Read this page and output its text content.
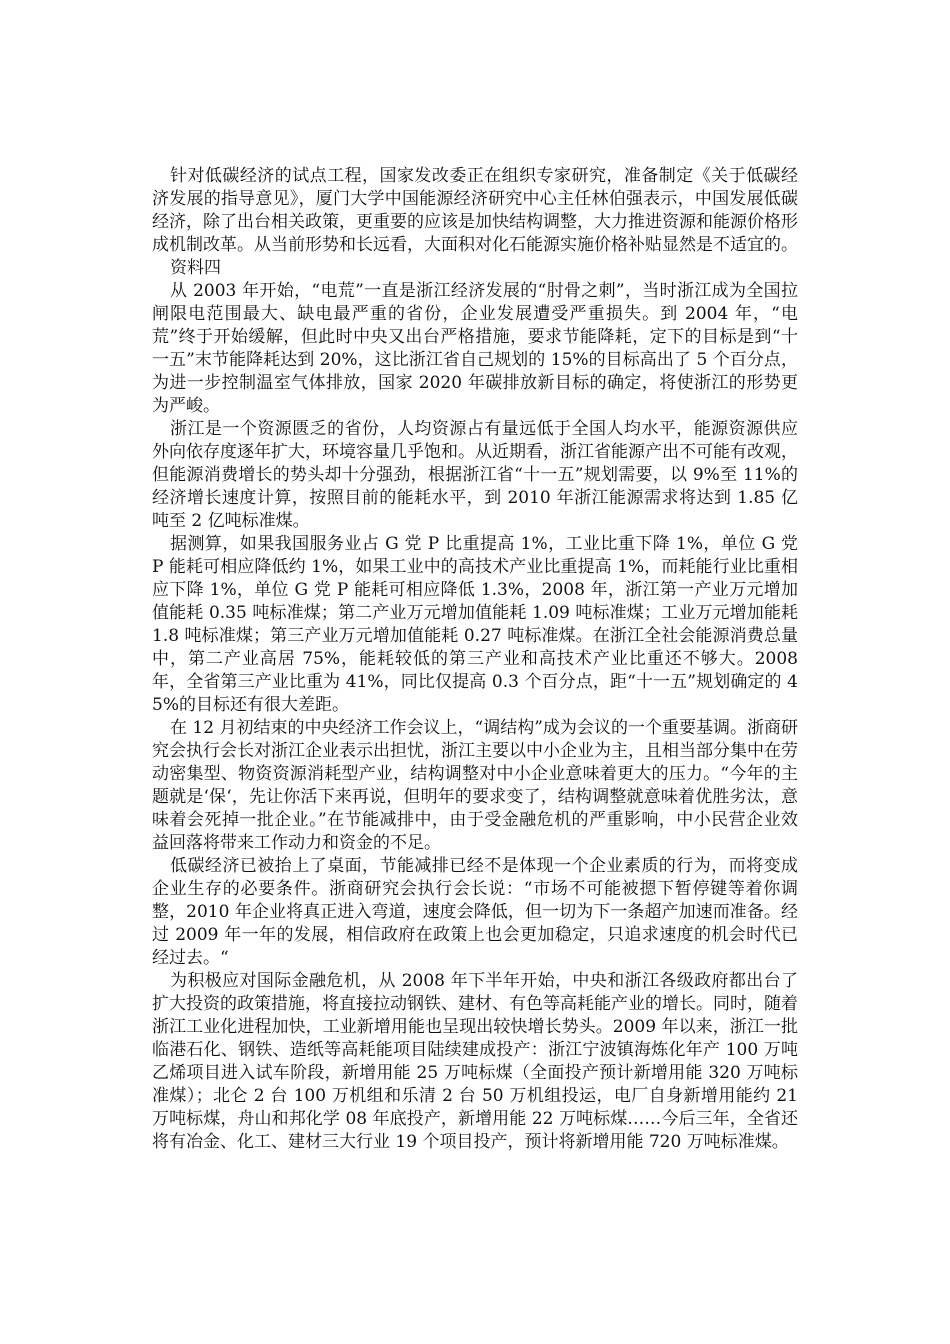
针对低碳经济的试点工程，国家发改委正在组织专家研究，准备制定《关于低碳经济发展的指导意见》，厦门大学中国能源经济研究中心主任林伯强表示，中国发展低碳经济，除了出台相关政策，更重要的应该是加快结构调整，大力推进资源和能源价格形成机制改革。从当前形势和长远看，大面积对化石能源实施价格补贴显然是不适宜的。

资料四

从 2003 年开始，“电荒”一直是浙江经济发展的“肘骨之刺”，当时浙江成为全国拉闸限电范围最大、缺电最严重的省份，企业发展遭受严重损失。到 2004 年，“电荒”终于开始缓解，但此时中央又出台严格措施，要求节能降耗，定下的目标是到“十一五”末节能降耗达到 20%，这比浙江省自己规划的 15%的目标高出了 5 个百分点，为进一步控制温室气体排放，国家 2020 年碳排放新目标的确定，将使浙江的形势更为严峻。

浙江是一个资源匮乏的省份，人均资源占有量远低于全国人均水平，能源资源供应外向依存度逐年扩大，环境容量几乎饱和。从近期看，浙江省能源产出不可能有改观，但能源消费增长的势头却十分强劲，根据浙江省“十一五”规划需要，以 9%至 11%的经济增长速度计算，按照目前的能耗水平，到 2010 年浙江能源需求将达到 1.85 亿吨至 2 亿吨标准煤。

据测算，如果我国服务业占 G 党 P 比重提高 1%，工业比重下降 1%，单位 G 党 P 能耗可相应降低约 1%，如果工业中的高技术产业比重提高 1%，而耗能行业比重相应下降 1%，单位 G 党 P 能耗可相应降低 1.3%，2008 年，浙江第一产业万元增加值能耗 0.35 吨标准煤；第二产业万元增加值能耗 1.09 吨标准煤；工业万元增加能耗 1.8 吨标准煤；第三产业万元增加值能耗 0.27 吨标准煤。在浙江全社会能源消费总量中，第二产业高居 75%，能耗较低的第三产业和高技术产业比重还不够大。2008 年，全省第三产业比重为 41%，同比仅提高 0.3 个百分点，距“十一五”规划确定的 45%的目标还有很大差距。

在 12 月初结束的中央经济工作会议上，“调结构”成为会议的一个重要基调。浙商研究会执行会长对浙江企业表示出担忧，浙江主要以中小企业为主，且相当部分集中在劳动密集型、物资资源消耗型产业，结构调整对中小企业意味着更大的压力。“今年的主题就是‘保‘，先让你活下来再说，但明年的要求变了，结构调整就意味着优胜劣汰，意味着会死掉一批企业。”在节能减排中，由于受金融危机的严重影响，中小民营企业效益回落将带来工作动力和资金的不足。

低碳经济已被抬上了桌面，节能减排已经不是体现一个企业素质的行为，而将变成企业生存的必要条件。浙商研究会执行会长说：“市场不可能被摁下暂停键等着你调整，2010 年企业将真正进入弯道，速度会降低，但一切为下一条超产加速而准备。经过 2009 年一年的发展，相信政府在政策上也会更加稳定，只追求速度的机会时代已经过去。“

为积极应对国际金融危机，从 2008 年下半年开始，中央和浙江各级政府都出台了扩大投资的政策措施，将直接拉动钢铁、建材、有色等高耗能产业的增长。同时，随着浙江工业化进程加快，工业新增用能也呈现出较快增长势头。2009 年以来，浙江一批临港石化、钢铁、造纸等高耗能项目陆续建成投产：浙江宁波镇海炼化年产 100 万吨乙烯项目进入试车阶段，新增用能 25 万吨标煤（全面投产预计新增用能 320 万吨标准煤）；北仑 2 台 100 万机组和乐清 2 台 50 万机组投运，电厂自身新增用能约 21 万吨标煤，舟山和邦化学 08 年底投产，新增用能 22 万吨标煤……今后三年，全省还将有冶金、化工、建材三大行业 19 个项目投产，预计将新增用能 720 万吨标准煤。
